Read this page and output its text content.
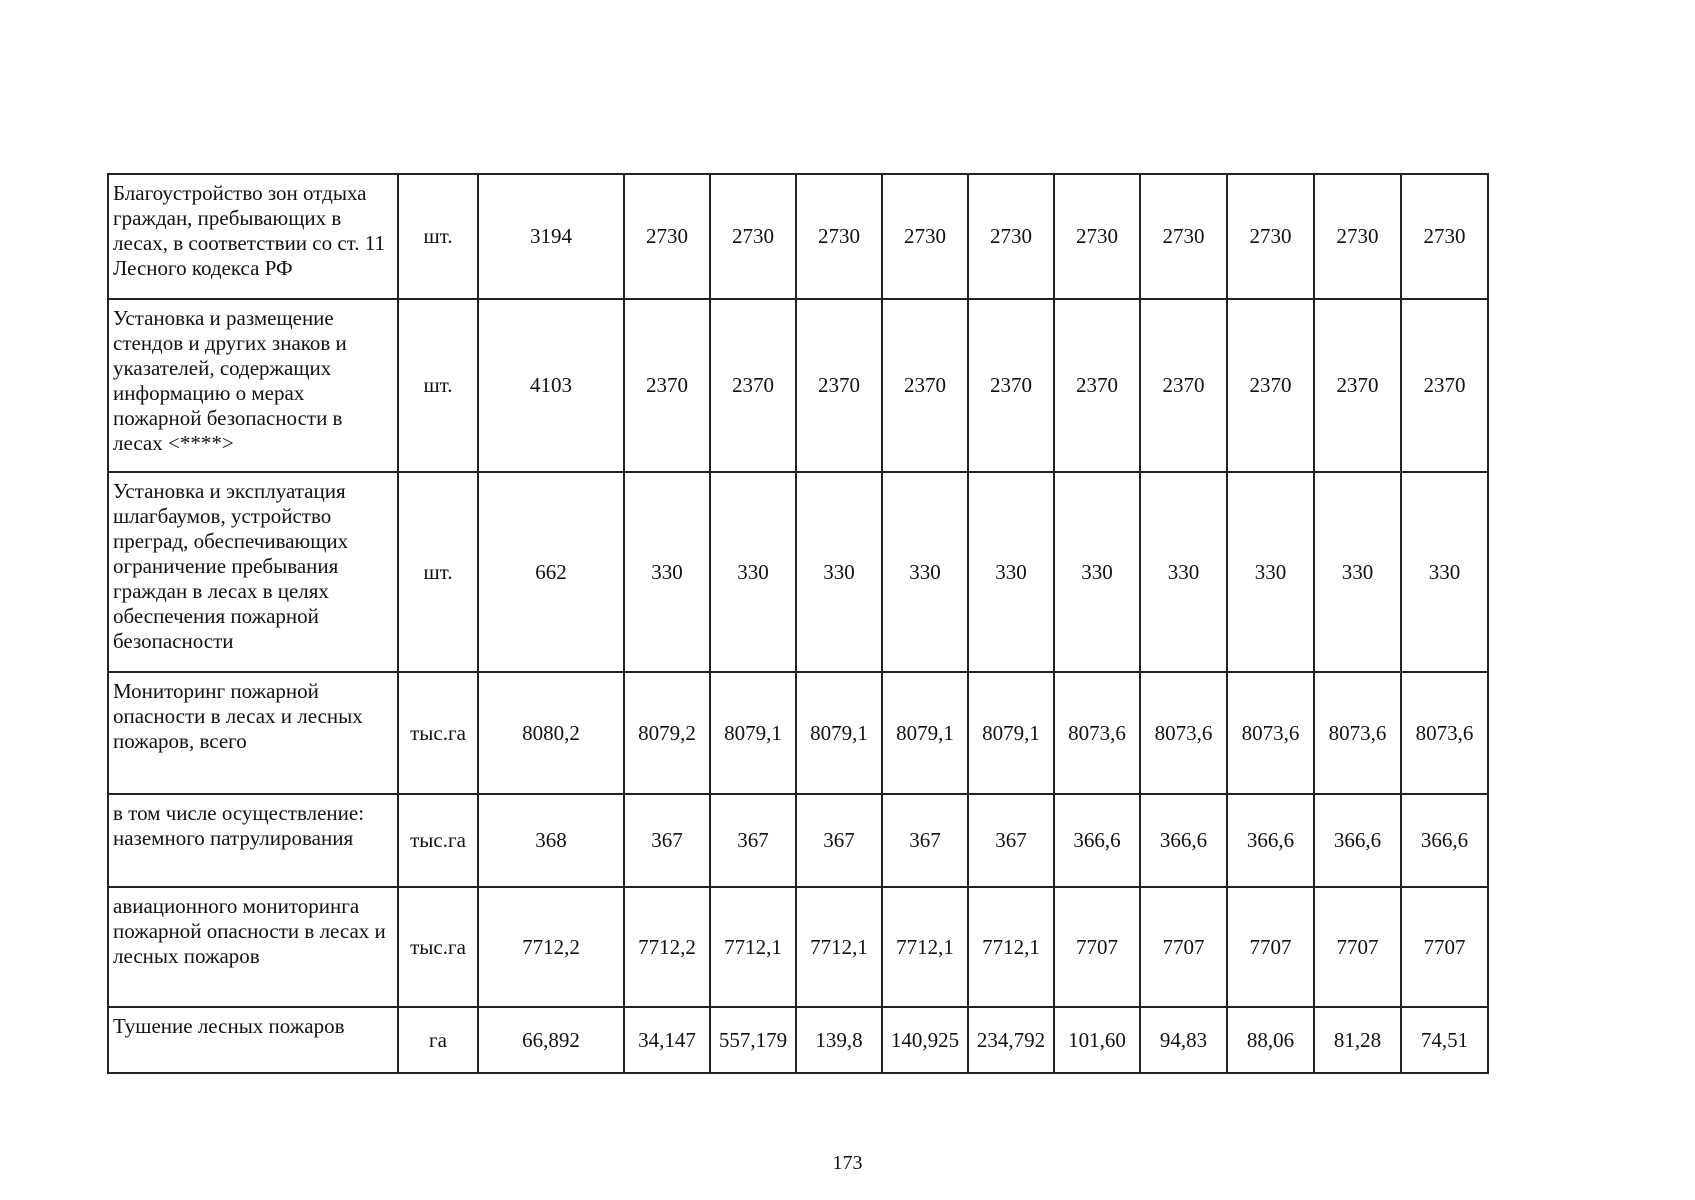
Благоустройство зон отдыха граждан, пребывающих в лесах, в соответствии со ст. 11 Лесного кодекса РФ	шт.	3194	2730	2730	2730	2730	2730	2730	2730	2730	2730	2730
Установка и размещение стендов и других знаков и указателей, содержащих информацию о мерах пожарной безопасности в лесах <****>	шт.	4103	2370	2370	2370	2370	2370	2370	2370	2370	2370	2370
Установка и эксплуатация шлагбаумов, устройство преград, обеспечивающих ограничение пребывания граждан в лесах в целях обеспечения пожарной безопасности	шт.	662	330	330	330	330	330	330	330	330	330	330
Мониторинг пожарной опасности в лесах и лесных пожаров, всего	тыс.га	8080,2	8079,2	8079,1	8079,1	8079,1	8079,1	8073,6	8073,6	8073,6	8073,6	8073,6
в том числе осуществление: наземного патрулирования	тыс.га	368	367	367	367	367	367	366,6	366,6	366,6	366,6	366,6
авиационного мониторинга пожарной опасности в лесах и лесных пожаров	тыс.га	7712,2	7712,2	7712,1	7712,1	7712,1	7712,1	7707	7707	7707	7707	7707
Тушение лесных пожаров	га	66,892	34,147	557,179	139,8	140,925	234,792	101,60	94,83	88,06	81,28	74,51
173
